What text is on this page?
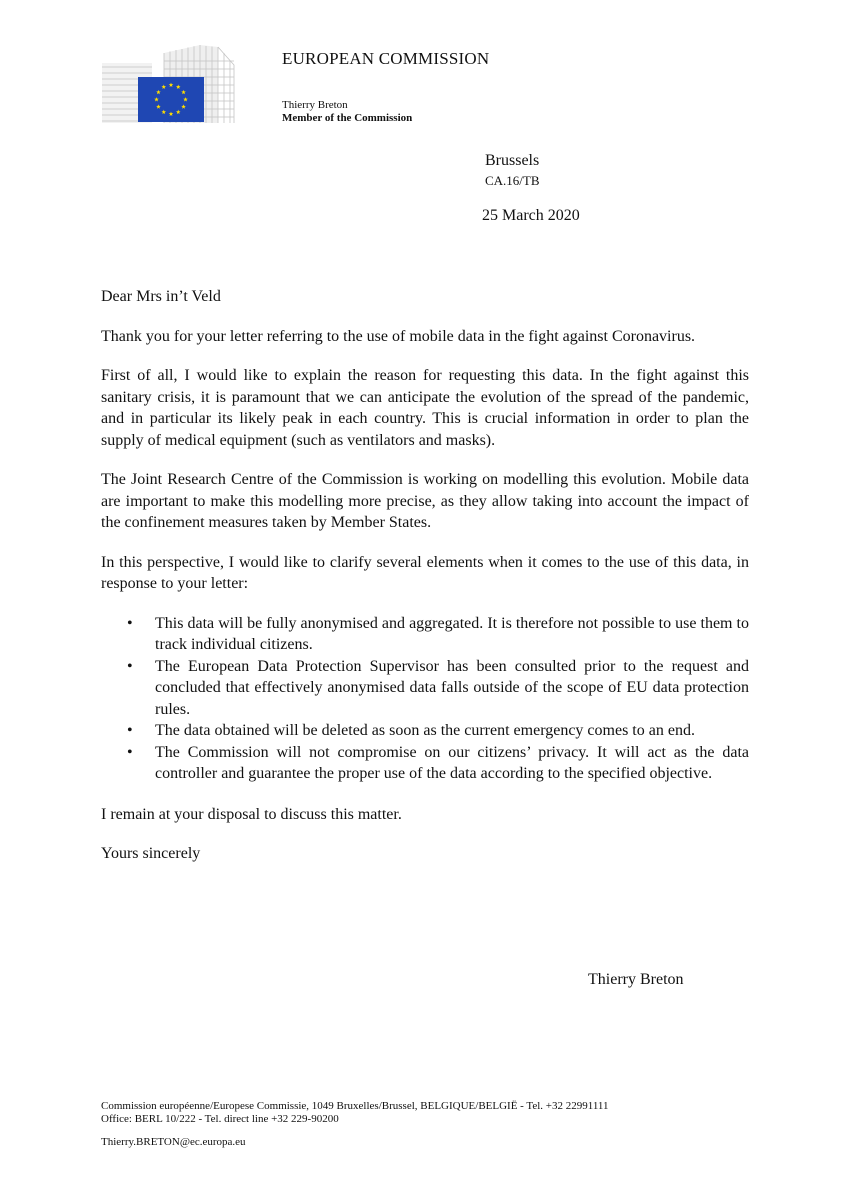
EUROPEAN COMMISSION
Thierry Breton
Member of the Commission
Brussels
CA.16/TB
25 March 2020

Dear Mrs in’t Veld

Thank you for your letter referring to the use of mobile data in the fight against Coronavirus.

First of all, I would like to explain the reason for requesting this data. In the fight against this sanitary crisis, it is paramount that we can anticipate the evolution of the spread of the pandemic, and in particular its likely peak in each country. This is crucial information in order to plan the supply of medical equipment (such as ventilators and masks).

The Joint Research Centre of the Commission is working on modelling this evolution. Mobile data are important to make this modelling more precise, as they allow taking into account the impact of the confinement measures taken by Member States.

In this perspective, I would like to clarify several elements when it comes to the use of this data, in response to your letter:

• This data will be fully anonymised and aggregated. It is therefore not possible to use them to track individual citizens.
• The European Data Protection Supervisor has been consulted prior to the request and concluded that effectively anonymised data falls outside of the scope of EU data protection rules.
• The data obtained will be deleted as soon as the current emergency comes to an end.
• The Commission will not compromise on our citizens’ privacy. It will act as the data controller and guarantee the proper use of the data according to the specified objective.

I remain at your disposal to discuss this matter.

Yours sincerely

Thierry Breton
Commission européenne/Europese Commissie, 1049 Bruxelles/Brussel, BELGIQUE/BELGIË - Tel. +32 22991111
Office: BERL 10/222 - Tel. direct line +32 229-90200
Thierry.BRETON@ec.europa.eu
